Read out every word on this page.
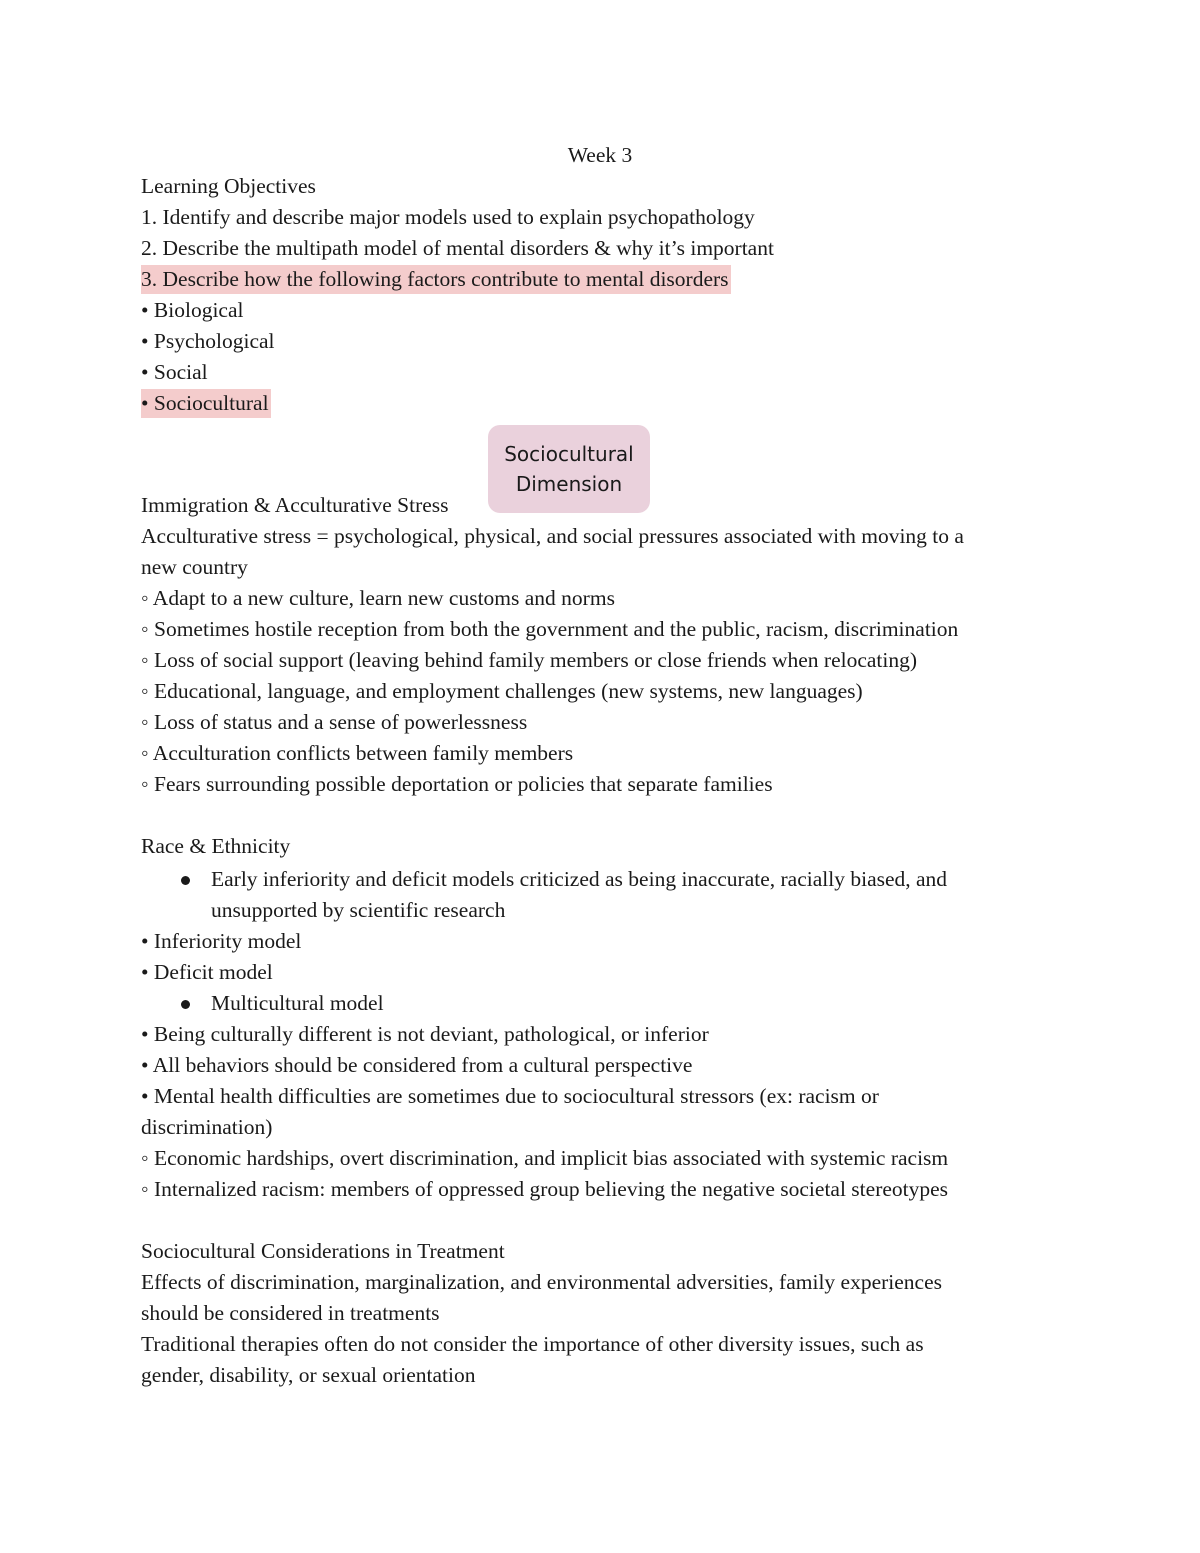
Week 3
Learning Objectives
1. Identify and describe major models used to explain psychopathology
2. Describe the multipath model of mental disorders & why it’s important
3. Describe how the following factors contribute to mental disorders
• Biological
• Psychological
• Social
• Sociocultural
Sociocultural
Dimension
Immigration & Acculturative Stress
Acculturative stress = psychological, physical, and social pressures associated with moving to a
new country
◦ Adapt to a new culture, learn new customs and norms
◦ Sometimes hostile reception from both the government and the public, racism, discrimination
◦ Loss of social support (leaving behind family members or close friends when relocating)
◦ Educational, language, and employment challenges (new systems, new languages)
◦ Loss of status and a sense of powerlessness
◦ Acculturation conflicts between family members
◦ Fears surrounding possible deportation or policies that separate families
Race & Ethnicity
Early inferiority and deficit models criticized as being inaccurate, racially biased, and
unsupported by scientific research
• Inferiority model
• Deficit model
Multicultural model
• Being culturally different is not deviant, pathological, or inferior
• All behaviors should be considered from a cultural perspective
• Mental health difficulties are sometimes due to sociocultural stressors (ex: racism or
discrimination)
◦ Economic hardships, overt discrimination, and implicit bias associated with systemic racism
◦ Internalized racism: members of oppressed group believing the negative societal stereotypes
Sociocultural Considerations in Treatment
Effects of discrimination, marginalization, and environmental adversities, family experiences
should be considered in treatments
Traditional therapies often do not consider the importance of other diversity issues, such as
gender, disability, or sexual orientation
